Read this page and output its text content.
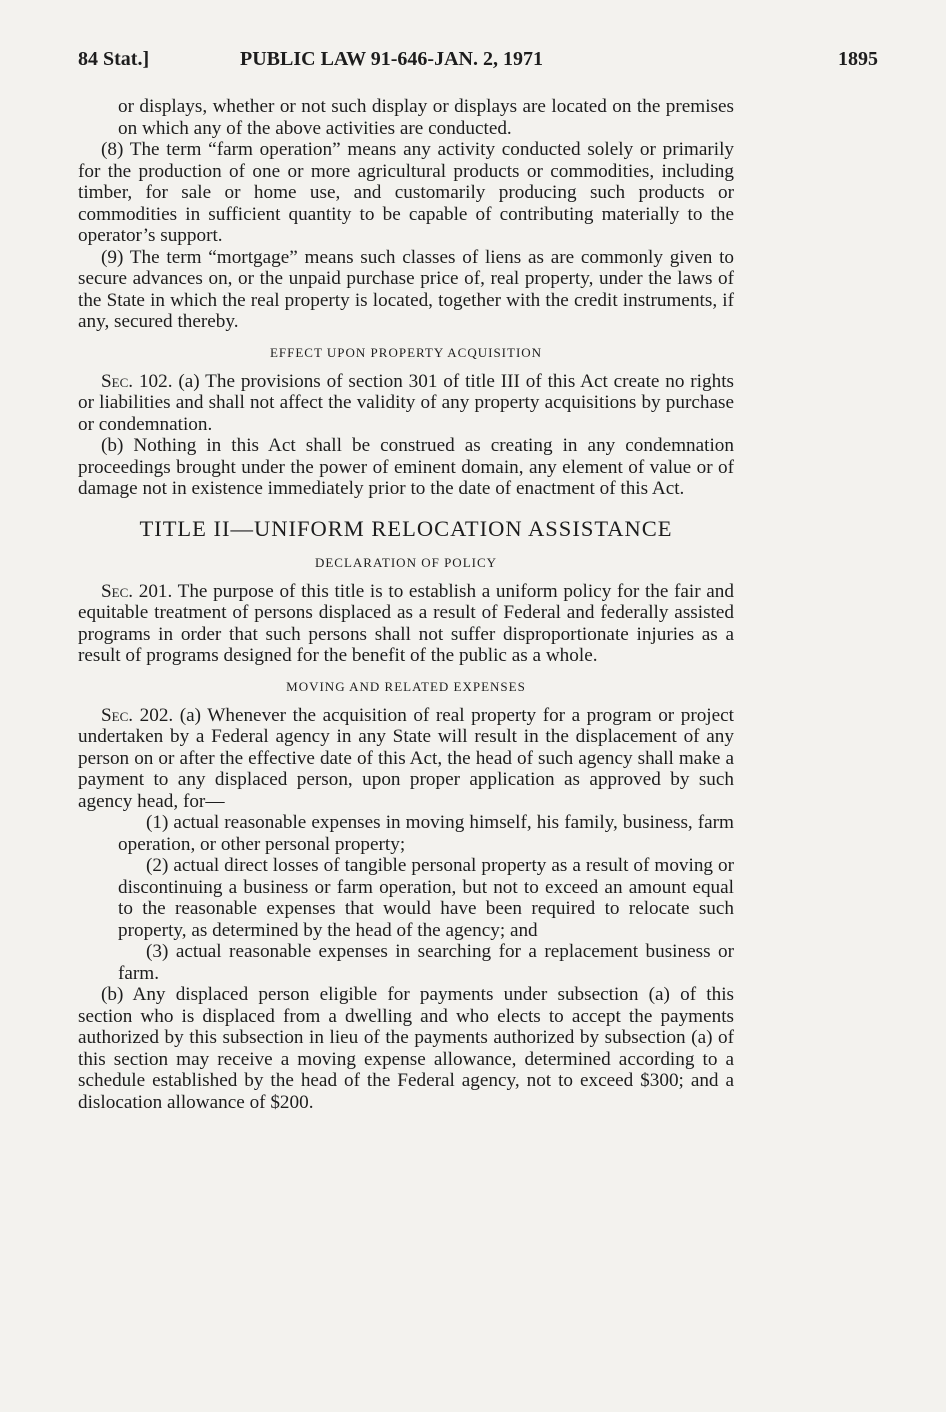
84 Stat.]	PUBLIC LAW 91-646-JAN. 2, 1971	1895

or displays, whether or not such display or displays are located on the premises on which any of the above activities are conducted.

(8) The term “farm operation” means any activity conducted solely or primarily for the production of one or more agricultural products or commodities, including timber, for sale or home use, and customarily producing such products or commodities in sufficient quantity to be capable of contributing materially to the operator’s support.

(9) The term “mortgage” means such classes of liens as are commonly given to secure advances on, or the unpaid purchase price of, real property, under the laws of the State in which the real property is located, together with the credit instruments, if any, secured thereby.

EFFECT UPON PROPERTY ACQUISITION

Sec. 102. (a) The provisions of section 301 of title III of this Act create no rights or liabilities and shall not affect the validity of any property acquisitions by purchase or condemnation.

(b) Nothing in this Act shall be construed as creating in any condemnation proceedings brought under the power of eminent domain, any element of value or of damage not in existence immediately prior to the date of enactment of this Act.

TITLE II—UNIFORM RELOCATION ASSISTANCE
DECLARATION OF POLICY

Sec. 201. The purpose of this title is to establish a uniform policy for the fair and equitable treatment of persons displaced as a result of Federal and federally assisted programs in order that such persons shall not suffer disproportionate injuries as a result of programs designed for the benefit of the public as a whole.

MOVING AND RELATED EXPENSES

Sec. 202. (a) Whenever the acquisition of real property for a program or project undertaken by a Federal agency in any State will result in the displacement of any person on or after the effective date of this Act, the head of such agency shall make a payment to any displaced person, upon proper application as approved by such agency head, for—

(1) actual reasonable expenses in moving himself, his family, business, farm operation, or other personal property;

(2) actual direct losses of tangible personal property as a result of moving or discontinuing a business or farm operation, but not to exceed an amount equal to the reasonable expenses that would have been required to relocate such property, as determined by the head of the agency; and

(3) actual reasonable expenses in searching for a replacement business or farm.

(b) Any displaced person eligible for payments under subsection (a) of this section who is displaced from a dwelling and who elects to accept the payments authorized by this subsection in lieu of the payments authorized by subsection (a) of this section may receive a moving expense allowance, determined according to a schedule established by the head of the Federal agency, not to exceed $300; and a dislocation allowance of $200.
